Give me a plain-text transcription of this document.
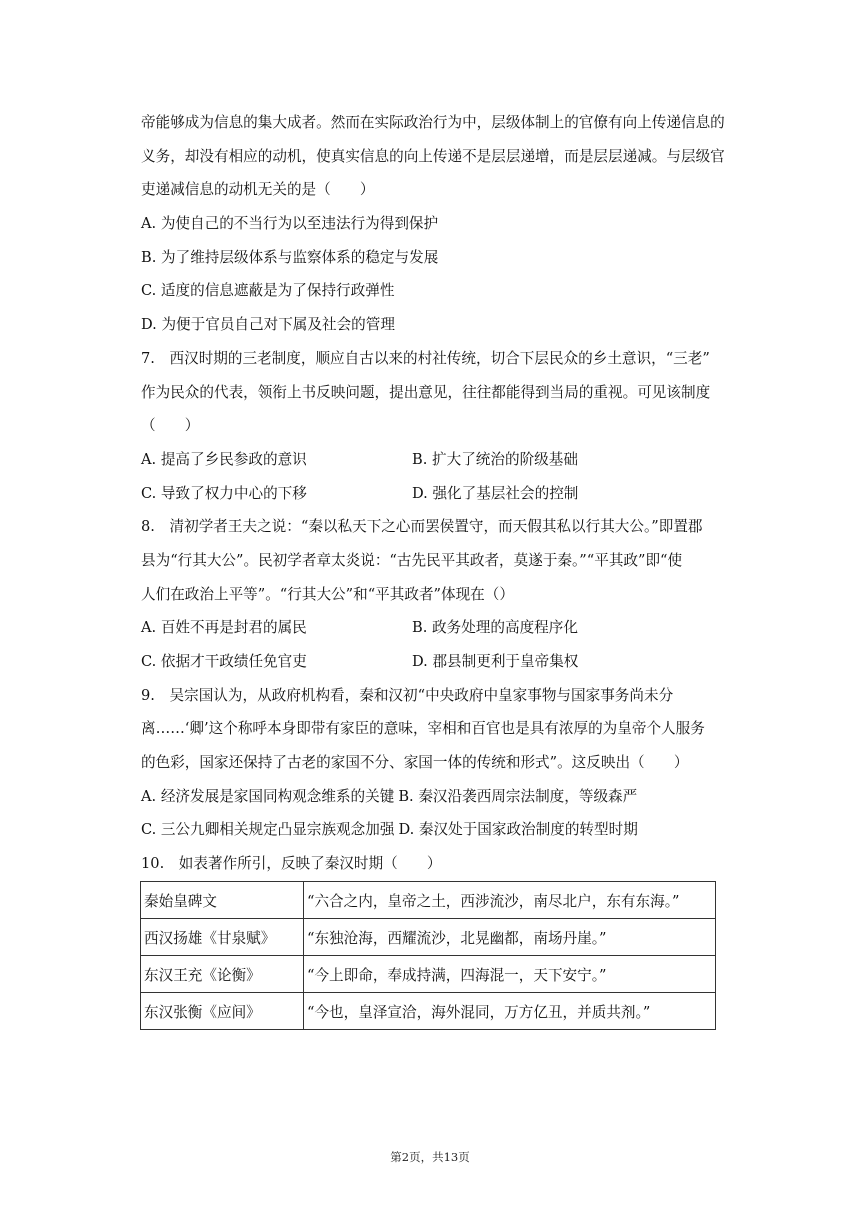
帝能够成为信息的集大成者。然而在实际政治行为中，层级体制上的官僚有向上传递信息的
义务，却没有相应的动机，使真实信息的向上传递不是层层递增，而是层层递减。与层级官
吏递减信息的动机无关的是（　　）
A. 为使自己的不当行为以至违法行为得到保护
B. 为了维持层级体系与监察体系的稳定与发展
C. 适度的信息遮蔽是为了保持行政弹性
D. 为便于官员自己对下属及社会的管理
7.　西汉时期的三老制度，顺应自古以来的村社传统，切合下层民众的乡土意识，“三老”
作为民众的代表，领衔上书反映问题，提出意见，往往都能得到当局的重视。可见该制度
（　　）
A. 提高了乡民参政的意识	B. 扩大了统治的阶级基础
C. 导致了权力中心的下移	D. 强化了基层社会的控制
8.　清初学者王夫之说：“秦以私天下之心而罢侯置守，而天假其私以行其大公。”即置郡
县为“行其大公”。民初学者章太炎说：“古先民平其政者，莫遂于秦。”“平其政”即“使
人们在政治上平等”。“行其大公”和“平其政者”体现在（）
A. 百姓不再是封君的属民	B. 政务处理的高度程序化
C. 依据才干政绩任免官吏	D. 郡县制更利于皇帝集权
9.　吴宗国认为，从政府机构看，秦和汉初“中央政府中皇家事物与国家事务尚未分
离……‘卿’这个称呼本身即带有家臣的意味，宰相和百官也是具有浓厚的为皇帝个人服务
的色彩，国家还保持了古老的家国不分、家国一体的传统和形式”。这反映出（　　）
A. 经济发展是家国同构观念维系的关键 B. 秦汉沿袭西周宗法制度，等级森严
C. 三公九卿相关规定凸显宗族观念加强 D. 秦汉处于国家政治制度的转型时期
10.　如表著作所引，反映了秦汉时期（　　）
秦始皇碑文	“六合之内，皇帝之土，西涉流沙，南尽北户，东有东海。”
西汉扬雄《甘泉赋》	“东独沧海，西耀流沙，北晃幽都，南场丹崖。”
东汉王充《论衡》	“今上即命，奉成持满，四海混一，天下安宁。”
东汉张衡《应间》	“今也，皇泽宣洽，海外混同，万方亿丑，并质共剂。”
第2页，共13页
